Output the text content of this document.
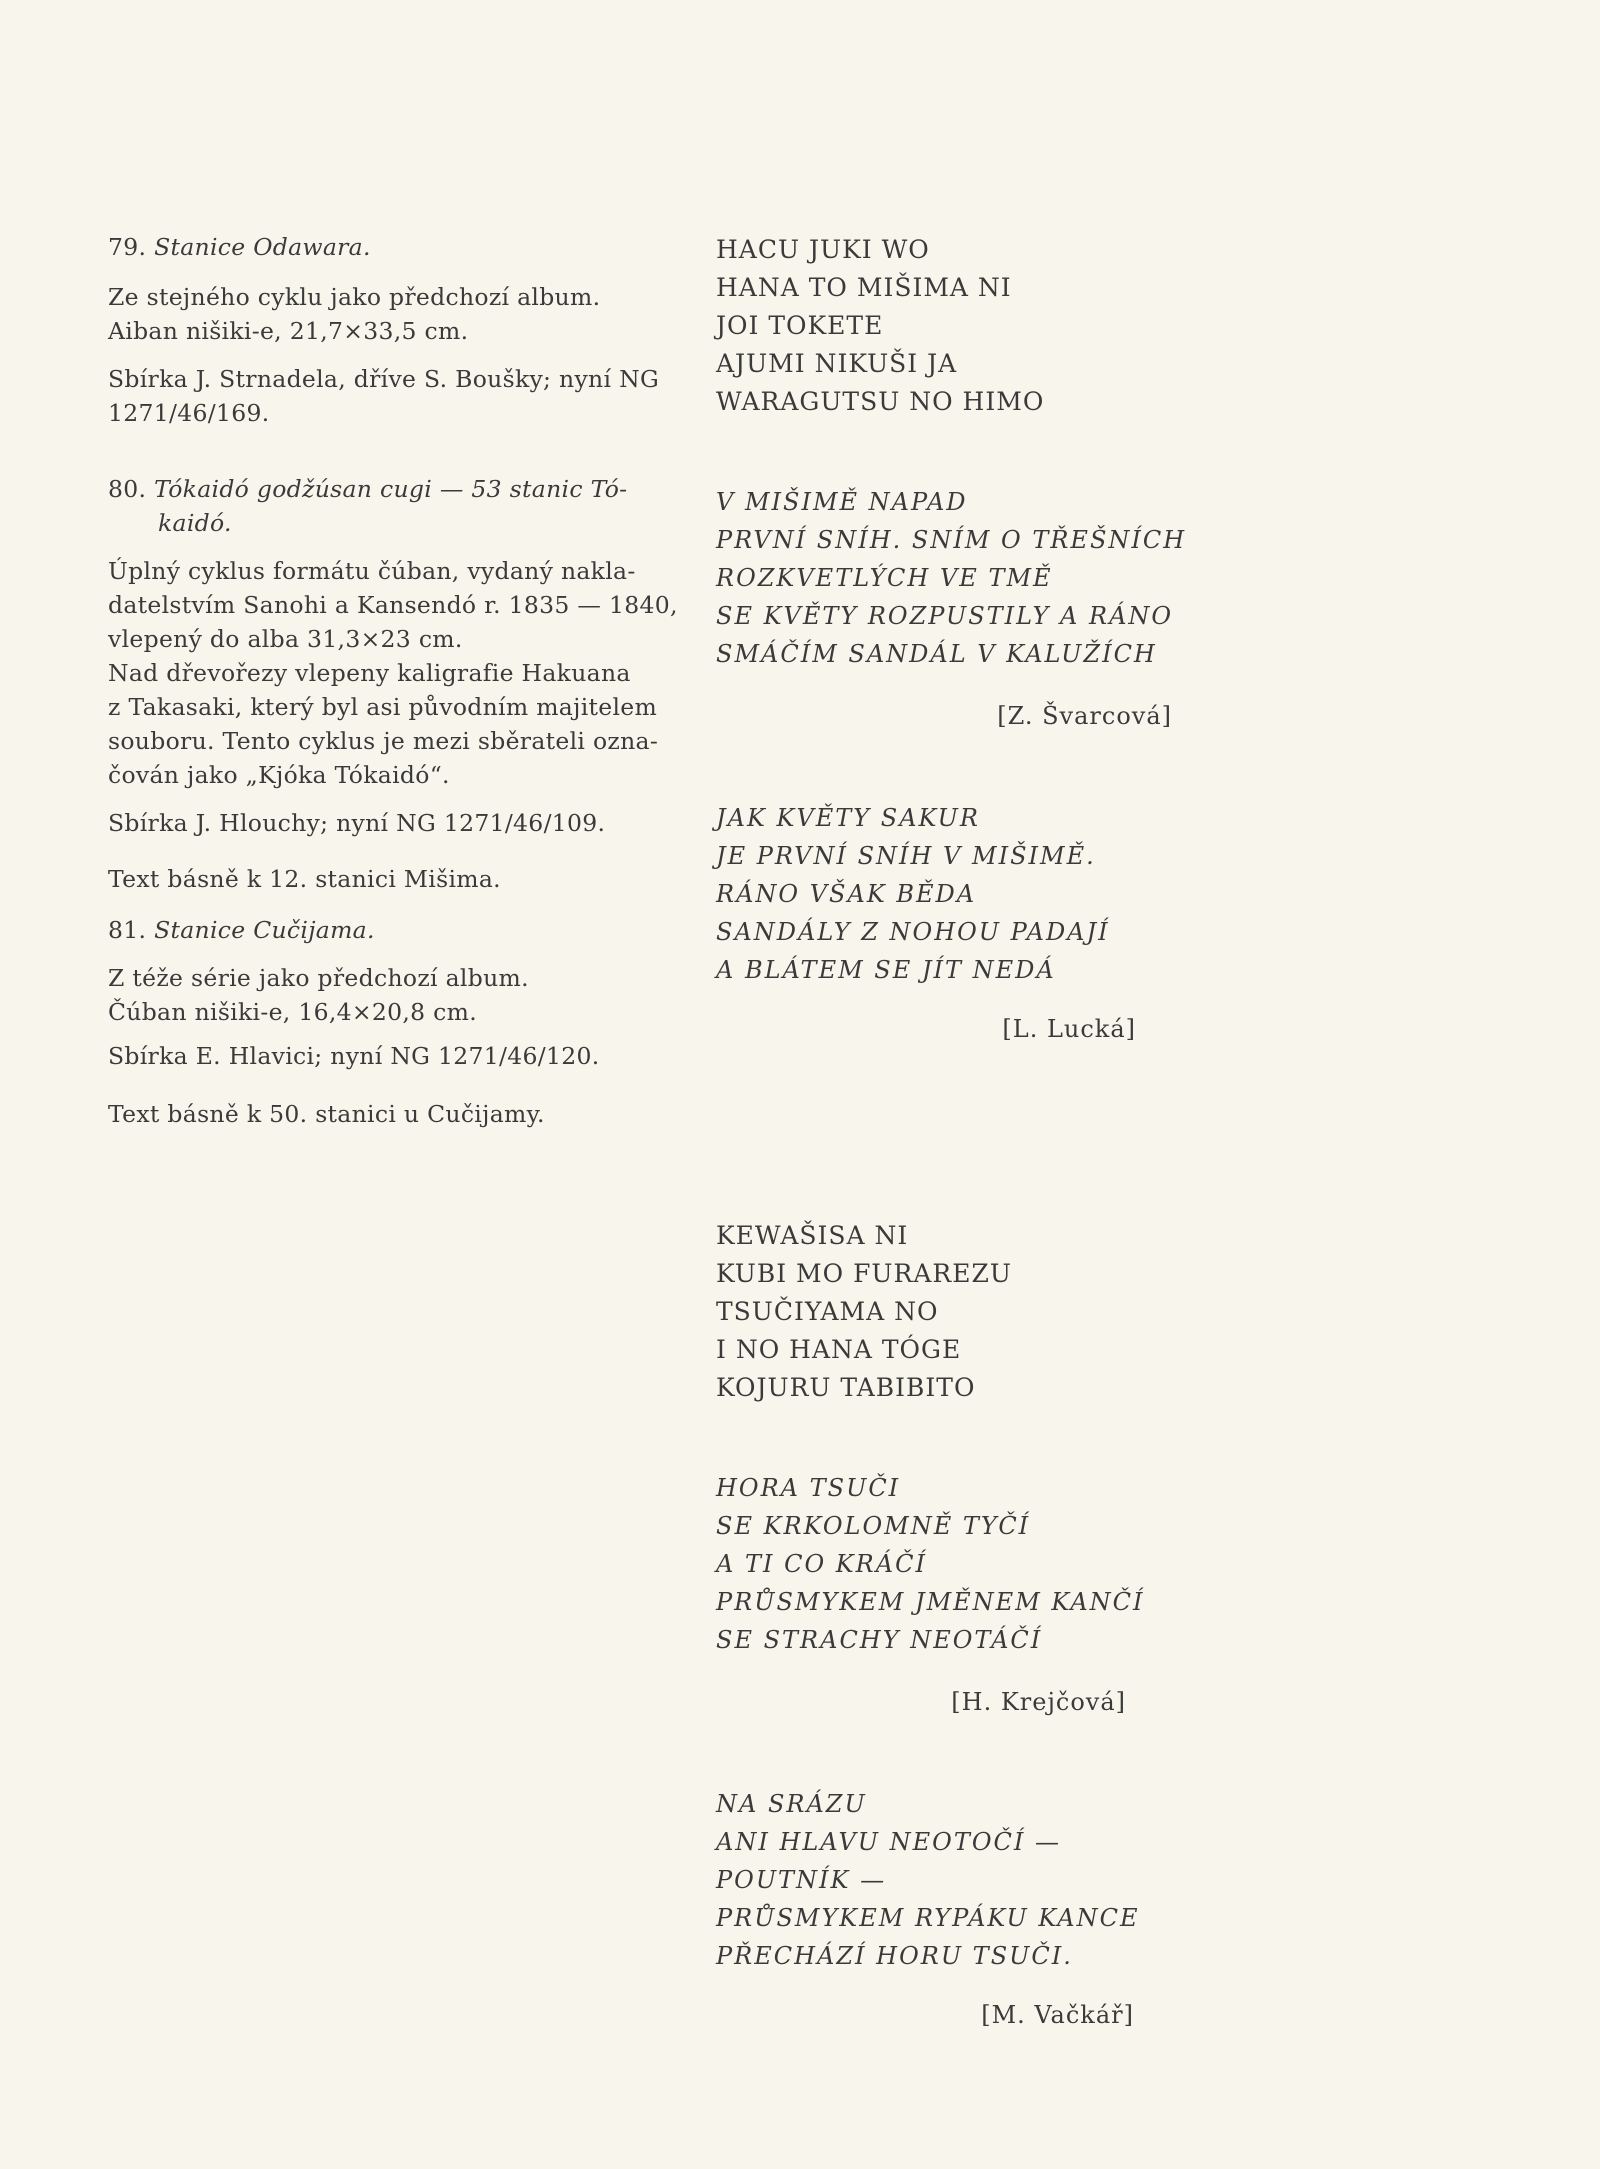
79. Stanice Odawara.
Ze stejného cyklu jako předchozí album.
Aiban nišiki-e, 21,7×33,5 cm.
Sbírka J. Strnadela, dříve S. Boušky; nyní NG
1271/46/169.
80. Tókaidó godžúsan cugi — 53 stanic Tó-
kaidó.
Úplný cyklus formátu čúban, vydaný nakla-
datelstvím Sanohi a Kansendó r. 1835 — 1840,
vlepený do alba 31,3×23 cm.
Nad dřevořezy vlepeny kaligrafie Hakuana
z Takasaki, který byl asi původním majitelem
souboru. Tento cyklus je mezi sběrateli ozna-
čován jako „Kjóka Tókaidó“.
Sbírka J. Hlouchy; nyní NG 1271/46/109.
Text básně k 12. stanici Mišima.
81. Stanice Cučijama.
Z téže série jako předchozí album.
Čúban nišiki-e, 16,4×20,8 cm.
Sbírka E. Hlavici; nyní NG 1271/46/120.
Text básně k 50. stanici u Cučijamy.
HACU JUKI WO
HANA TO MIŠIMA NI
JOI TOKETE
AJUMI NIKUŠI JA
WARAGUTSU NO HIMO
V MIŠIMĚ NAPAD
PRVNÍ SNÍH. SNÍM O TŘEŠNÍCH
ROZKVETLÝCH VE TMĚ
SE KVĚTY ROZPUSTILY A RÁNO
SMÁČÍM SANDÁL V KALUŽÍCH
[Z. Švarcová]
JAK KVĚTY SAKUR
JE PRVNÍ SNÍH V MIŠIMĚ.
RÁNO VŠAK BĚDA
SANDÁLY Z NOHOU PADAJÍ
A BLÁTEM SE JÍT NEDÁ
[L. Lucká]
KEWAŠISA NI
KUBI MO FURAREZU
TSUČIYAMA NO
I NO HANA TÓGE
KOJURU TABIBITO
HORA TSUČI
SE KRKOLOMNĚ TYČÍ
A TI CO KRÁČÍ
PRŮSMYKEM JMĚNEM KANČÍ
SE STRACHY NEOTÁČÍ
[H. Krejčová]
NA SRÁZU
ANI HLAVU NEOTOČÍ —
POUTNÍK —
PRŮSMYKEM RYPÁKU KANCE
PŘECHÁZÍ HORU TSUČI.
[M. Vačkář]
